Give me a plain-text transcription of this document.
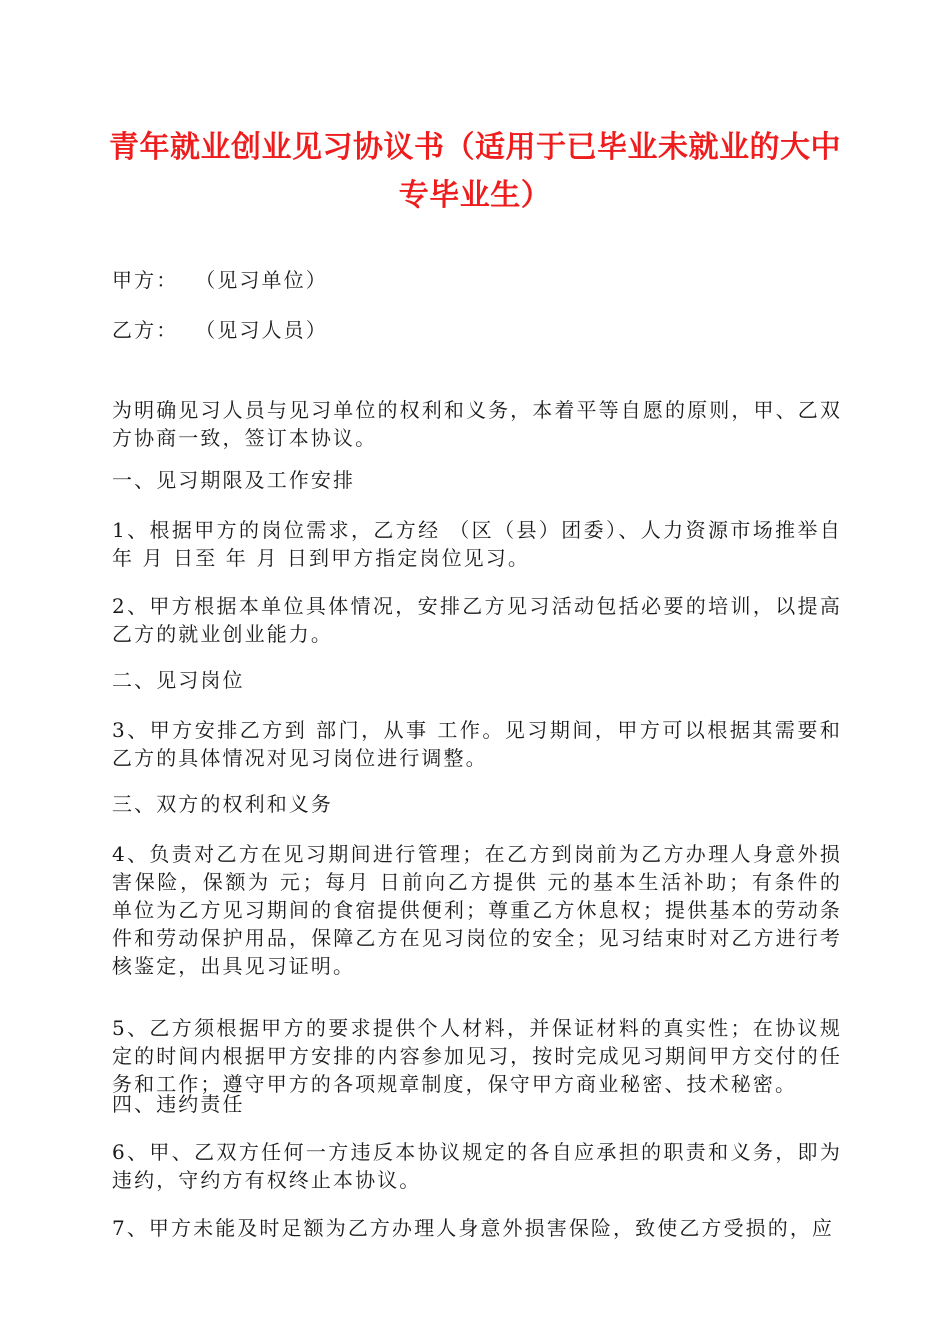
青年就业创业见习协议书（适用于已毕业未就业的大中专毕业生）

甲方：  （见习单位）

乙方：  （见习人员）

为明确见习人员与见习单位的权利和义务，本着平等自愿的原则，甲、乙双方协商一致，签订本协议。

一、见习期限及工作安排

1、根据甲方的岗位需求，乙方经 （区（县）团委）、人力资源市场推举自 年 月 日至 年 月 日到甲方指定岗位见习。

2、甲方根据本单位具体情况，安排乙方见习活动包括必要的培训，以提高乙方的就业创业能力。

二、见习岗位

3、甲方安排乙方到 部门，从事 工作。见习期间，甲方可以根据其需要和乙方的具体情况对见习岗位进行调整。

三、双方的权利和义务

4、负责对乙方在见习期间进行管理；在乙方到岗前为乙方办理人身意外损害保险，保额为 元；每月 日前向乙方提供 元的基本生活补助；有条件的单位为乙方见习期间的食宿提供便利；尊重乙方休息权；提供基本的劳动条件和劳动保护用品，保障乙方在见习岗位的安全；见习结束时对乙方进行考核鉴定，出具见习证明。

5、乙方须根据甲方的要求提供个人材料，并保证材料的真实性；在协议规定的时间内根据甲方安排的内容参加见习，按时完成见习期间甲方交付的任务和工作；遵守甲方的各项规章制度，保守甲方商业秘密、技术秘密。

四、违约责任

6、甲、乙双方任何一方违反本协议规定的各自应承担的职责和义务，即为违约，守约方有权终止本协议。

7、甲方未能及时足额为乙方办理人身意外损害保险，致使乙方受损的，应
